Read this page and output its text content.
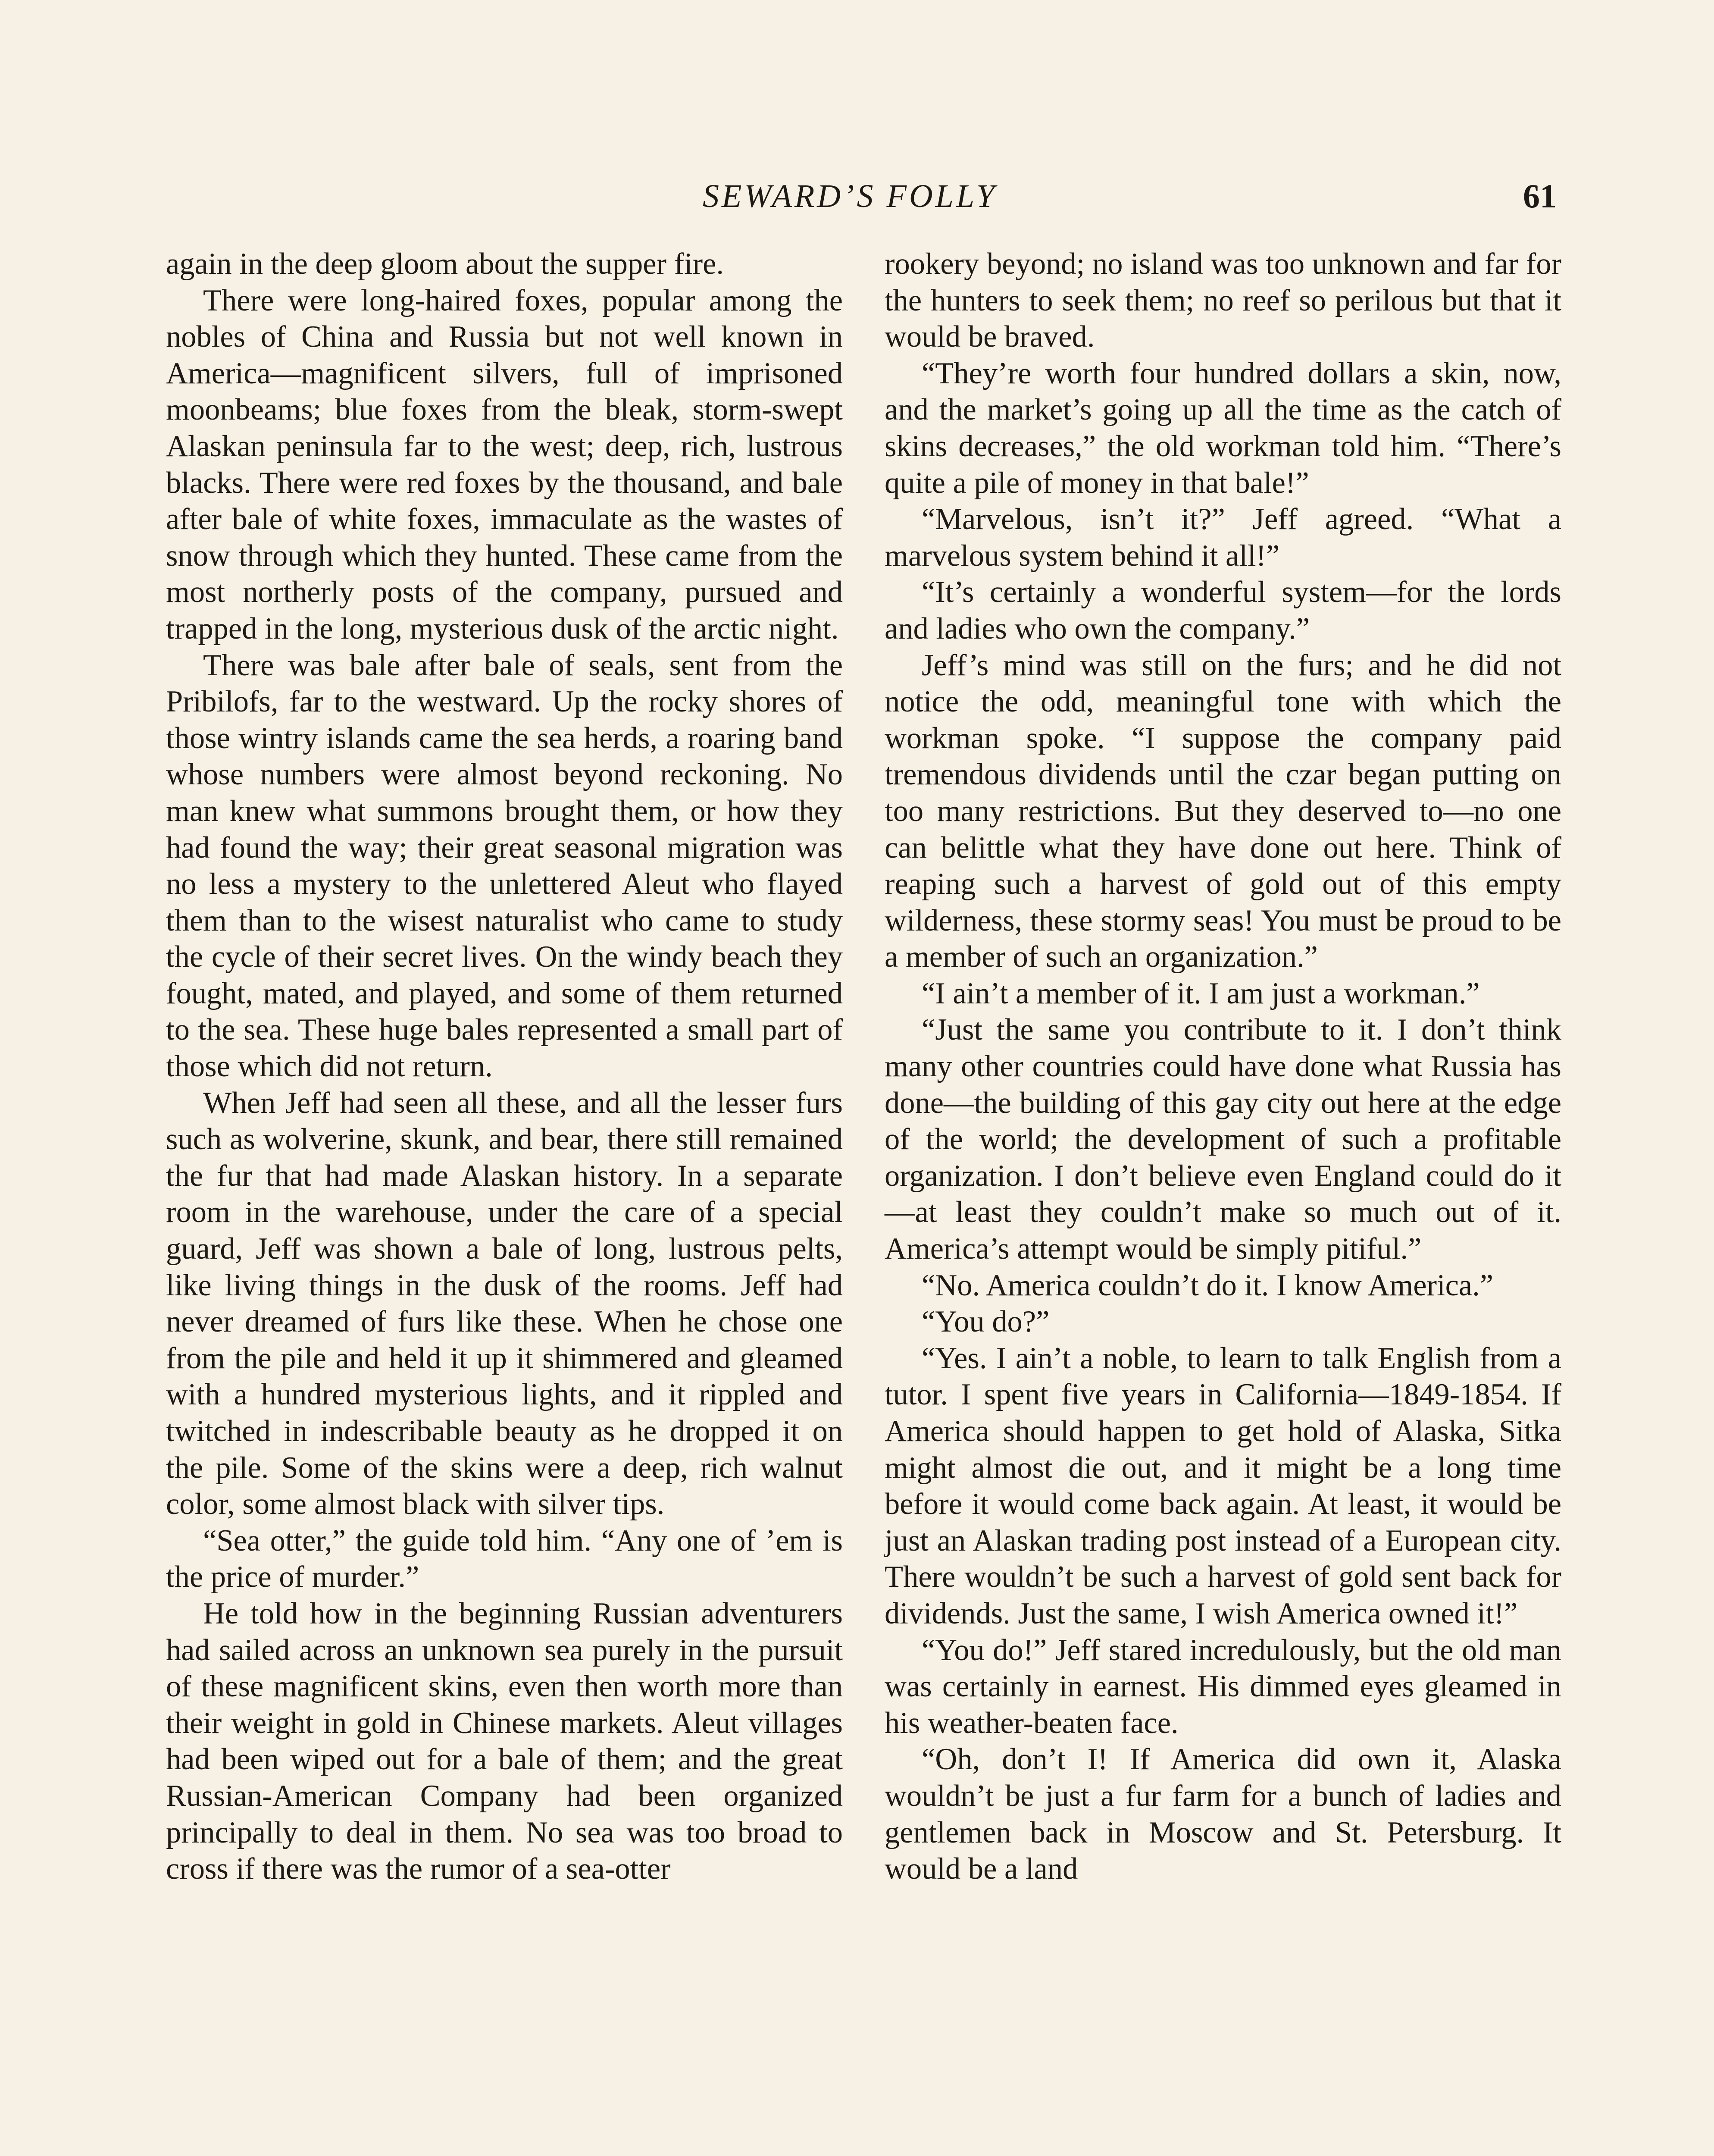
SEWARD’S FOLLY	61

again in the deep gloom about the supper fire.

There were long-haired foxes, popular among the nobles of China and Russia but not well known in America—magnificent silvers, full of imprisoned moonbeams; blue foxes from the bleak, storm-swept Alaskan peninsula far to the west; deep, rich, lustrous blacks. There were red foxes by the thousand, and bale after bale of white foxes, immaculate as the wastes of snow through which they hunted. These came from the most northerly posts of the company, pursued and trapped in the long, mysterious dusk of the arctic night.

There was bale after bale of seals, sent from the Pribilofs, far to the westward. Up the rocky shores of those wintry islands came the sea herds, a roaring band whose numbers were almost beyond reckoning. No man knew what summons brought them, or how they had found the way; their great seasonal migration was no less a mystery to the unlettered Aleut who flayed them than to the wisest naturalist who came to study the cycle of their secret lives. On the windy beach they fought, mated, and played, and some of them returned to the sea. These huge bales represented a small part of those which did not return.

When Jeff had seen all these, and all the lesser furs such as wolverine, skunk, and bear, there still remained the fur that had made Alaskan history. In a separate room in the warehouse, under the care of a special guard, Jeff was shown a bale of long, lustrous pelts, like living things in the dusk of the rooms. Jeff had never dreamed of furs like these. When he chose one from the pile and held it up it shimmered and gleamed with a hundred mysterious lights, and it rippled and twitched in indescribable beauty as he dropped it on the pile. Some of the skins were a deep, rich walnut color, some almost black with silver tips.

“Sea otter,” the guide told him. “Any one of ’em is the price of murder.”

He told how in the beginning Russian adventurers had sailed across an unknown sea purely in the pursuit of these magnificent skins, even then worth more than their weight in gold in Chinese markets. Aleut villages had been wiped out for a bale of them; and the great Russian-American Company had been organized principally to deal in them. No sea was too broad to cross if there was the rumor of a sea-otter

rookery beyond; no island was too unknown and far for the hunters to seek them; no reef so perilous but that it would be braved.

“They’re worth four hundred dollars a skin, now, and the market’s going up all the time as the catch of skins decreases,” the old workman told him. “There’s quite a pile of money in that bale!”

“Marvelous, isn’t it?” Jeff agreed. “What a marvelous system behind it all!”

“It’s certainly a wonderful system—for the lords and ladies who own the company.”

Jeff’s mind was still on the furs; and he did not notice the odd, meaningful tone with which the workman spoke. “I suppose the company paid tremendous dividends until the czar began putting on too many restrictions. But they deserved to—no one can belittle what they have done out here. Think of reaping such a harvest of gold out of this empty wilderness, these stormy seas! You must be proud to be a member of such an organization.”

“I ain’t a member of it. I am just a workman.”

“Just the same you contribute to it. I don’t think many other countries could have done what Russia has done—the building of this gay city out here at the edge of the world; the development of such a profitable organization. I don’t believe even England could do it—at least they couldn’t make so much out of it. America’s attempt would be simply pitiful.”

“No. America couldn’t do it. I know America.”

“You do?”

“Yes. I ain’t a noble, to learn to talk English from a tutor. I spent five years in California—1849-1854. If America should happen to get hold of Alaska, Sitka might almost die out, and it might be a long time before it would come back again. At least, it would be just an Alaskan trading post instead of a European city. There wouldn’t be such a harvest of gold sent back for dividends. Just the same, I wish America owned it!”

“You do!” Jeff stared incredulously, but the old man was certainly in earnest. His dimmed eyes gleamed in his weather-beaten face.

“Oh, don’t I! If America did own it, Alaska wouldn’t be just a fur farm for a bunch of ladies and gentlemen back in Moscow and St. Petersburg. It would be a land
